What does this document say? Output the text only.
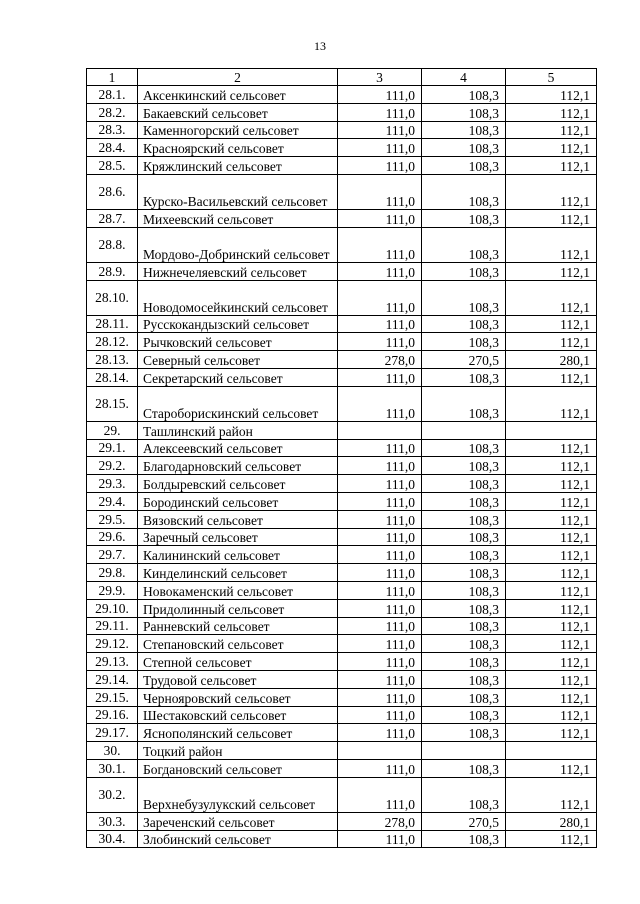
13
1	2	3	4	5
28.1.	Аксенкинский сельсовет	111,0	108,3	112,1
28.2.	Бакаевский сельсовет	111,0	108,3	112,1
28.3.	Каменногорский сельсовет	111,0	108,3	112,1
28.4.	Красноярский сельсовет	111,0	108,3	112,1
28.5.	Кряжлинский сельсовет	111,0	108,3	112,1
28.6.	Курско-Васильевский сельсовет	111,0	108,3	112,1
28.7.	Михеевский сельсовет	111,0	108,3	112,1
28.8.	Мордово-Добринский сельсовет	111,0	108,3	112,1
28.9.	Нижнечеляевский сельсовет	111,0	108,3	112,1
28.10.	Новодомосейкинский сельсовет	111,0	108,3	112,1
28.11.	Русскокандызский сельсовет	111,0	108,3	112,1
28.12.	Рычковский сельсовет	111,0	108,3	112,1
28.13.	Северный сельсовет	278,0	270,5	280,1
28.14.	Секретарский сельсовет	111,0	108,3	112,1
28.15.	Староборискинский сельсовет	111,0	108,3	112,1
29.	Ташлинский район			
29.1.	Алексеевский сельсовет	111,0	108,3	112,1
29.2.	Благодарновский сельсовет	111,0	108,3	112,1
29.3.	Болдыревский сельсовет	111,0	108,3	112,1
29.4.	Бородинский сельсовет	111,0	108,3	112,1
29.5.	Вязовский сельсовет	111,0	108,3	112,1
29.6.	Заречный сельсовет	111,0	108,3	112,1
29.7.	Калининский сельсовет	111,0	108,3	112,1
29.8.	Кинделинский сельсовет	111,0	108,3	112,1
29.9.	Новокаменский сельсовет	111,0	108,3	112,1
29.10.	Придолинный сельсовет	111,0	108,3	112,1
29.11.	Ранневский сельсовет	111,0	108,3	112,1
29.12.	Степановский сельсовет	111,0	108,3	112,1
29.13.	Степной сельсовет	111,0	108,3	112,1
29.14.	Трудовой сельсовет	111,0	108,3	112,1
29.15.	Чернояровский сельсовет	111,0	108,3	112,1
29.16.	Шестаковский сельсовет	111,0	108,3	112,1
29.17.	Яснополянский сельсовет	111,0	108,3	112,1
30.	Тоцкий район			
30.1.	Богдановский сельсовет	111,0	108,3	112,1
30.2.	Верхнебузулукский сельсовет	111,0	108,3	112,1
30.3.	Зареченский сельсовет	278,0	270,5	280,1
30.4.	Злобинский сельсовет	111,0	108,3	112,1
